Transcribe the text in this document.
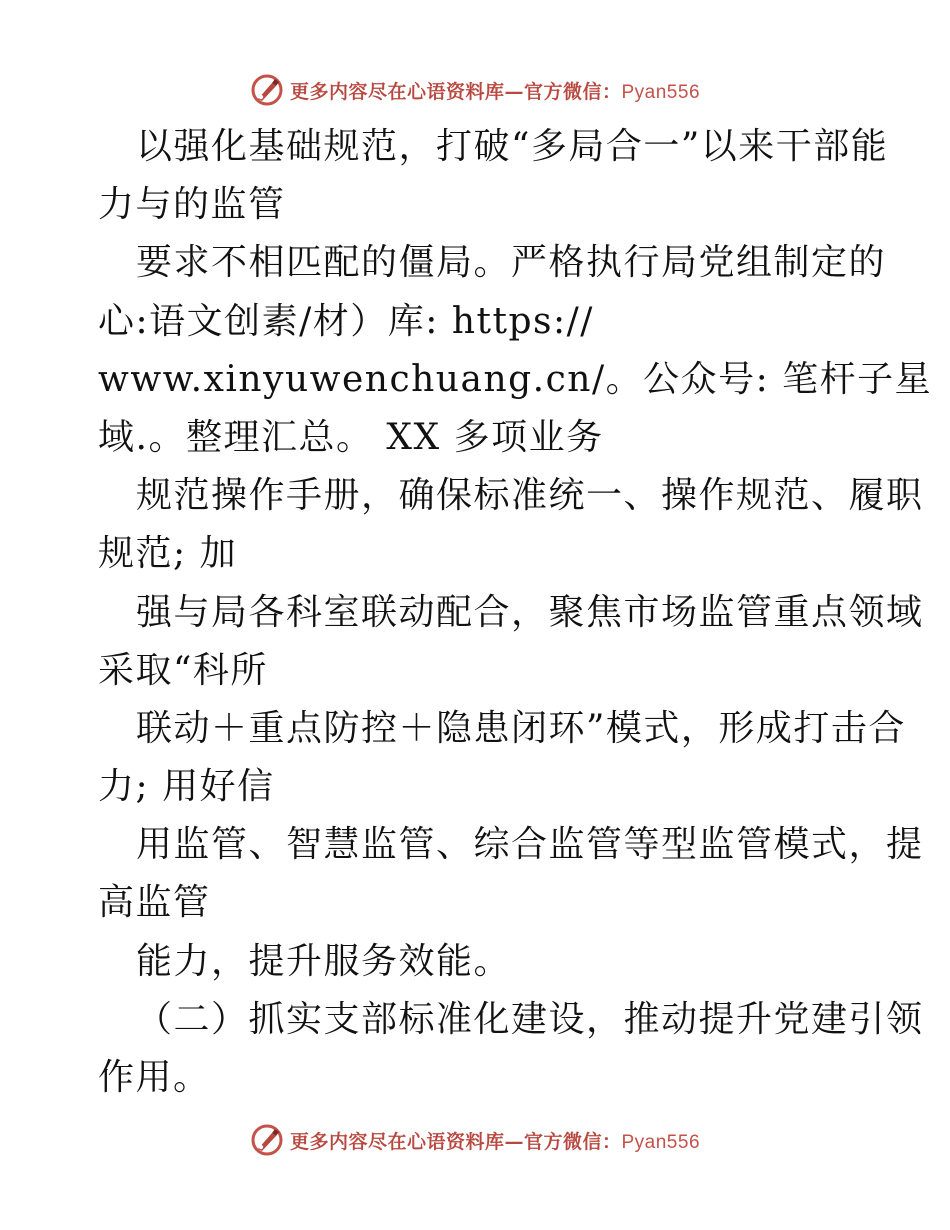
更多内容尽在心语资料库—官方微信：Pyan556
以强化基础规范，打破“多局合一”以来干部能
力与的监管
要求不相匹配的僵局。严格执行局党组制定的
心:语文创素/材）库: https://
www.xinyuwenchuang.cn/。公众号: 笔杆子星
域.。整理汇总。 XX 多项业务
规范操作手册，确保标准统一、操作规范、履职
规范; 加
强与局各科室联动配合，聚焦市场监管重点领域
采取“科所
联动＋重点防控＋隐患闭环”模式，形成打击合
力; 用好信
用监管、智慧监管、综合监管等型监管模式，提
高监管
能力，提升服务效能。
（二）抓实支部标准化建设，推动提升党建引领
作用。
更多内容尽在心语资料库—官方微信：Pyan556
